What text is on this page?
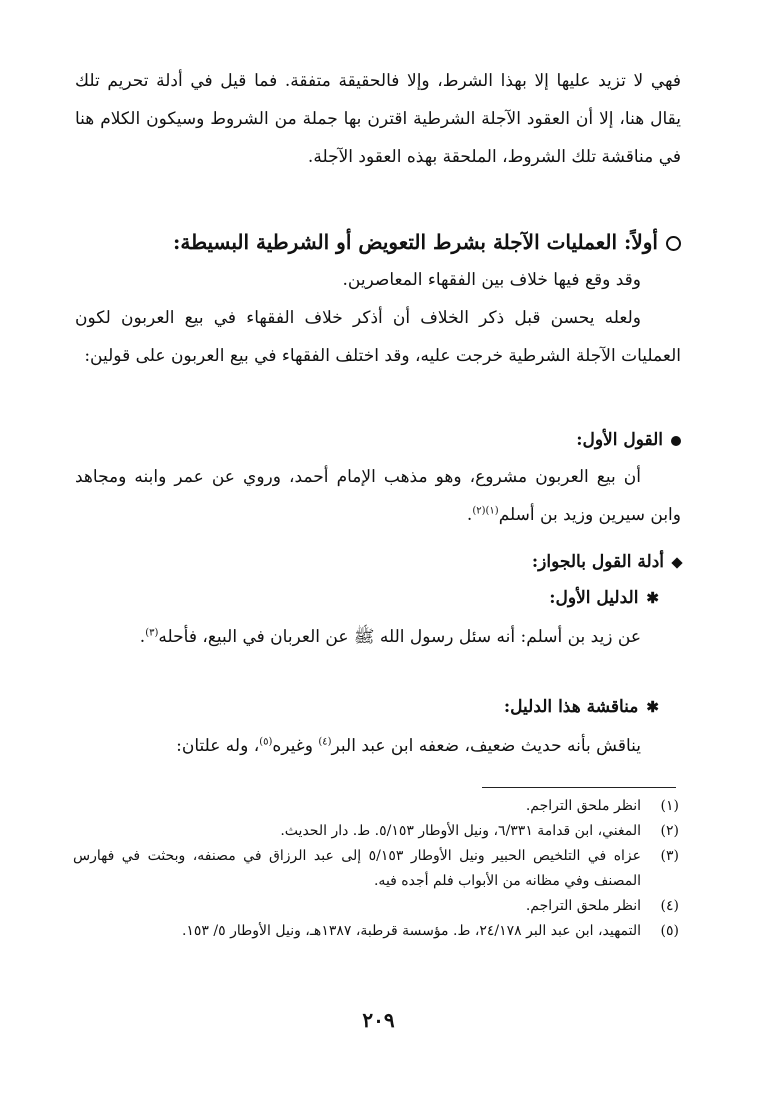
فهي لا تزيد عليها إلا بهذا الشرط، وإلا فالحقيقة متفقة. فما قيل في أدلة تحريم تلك يقال هنا، إلا أن العقود الآجلة الشرطية اقترن بها جملة من الشروط وسيكون الكلام هنا في مناقشة تلك الشروط، الملحقة بهذه العقود الآجلة.
أولاً: العمليات الآجلة بشرط التعويض أو الشرطية البسيطة:
وقد وقع فيها خلاف بين الفقهاء المعاصرين.
ولعله يحسن قبل ذكر الخلاف أن أذكر خلاف الفقهاء في بيع العربون لكون العمليات الآجلة الشرطية خرجت عليه، وقد اختلف الفقهاء في بيع العربون على قولين:
القول الأول:
أن بيع العربون مشروع، وهو مذهب الإمام أحمد، وروي عن عمر وابنه ومجاهد وابن سيرين وزيد بن أسلم$^{(١)(٢)}$.
أدلة القول بالجواز:
✱الدليل الأول:
عن زيد بن أسلم: أنه سئل رسول الله ﷺ عن العربان في البيع، فأحله$^{(٣)}$.
✱مناقشة هذا الدليل:
يناقش بأنه حديث ضعيف، ضعفه ابن عبد البر$^{(٤)}$ وغيره$^{(٥)}$، وله علتان:
(١)
انظر ملحق التراجم.
(٢)
المغني، ابن قدامة ٦/٣٣١، ونيل الأوطار ٥/١٥٣. ط. دار الحديث.
(٣)
عزاه في التلخيص الحبير ونيل الأوطار ٥/١٥٣ إلى عبد الرزاق في مصنفه، وبحثت في فهارس المصنف وفي مظانه من الأبواب فلم أجده فيه.
(٤)
انظر ملحق التراجم.
(٥)
التمهيد، ابن عبد البر ٢٤/١٧٨، ط. مؤسسة قرطبة، ١٣٨٧هـ، ونيل الأوطار ٥/ ١٥٣.
٢٠٩
